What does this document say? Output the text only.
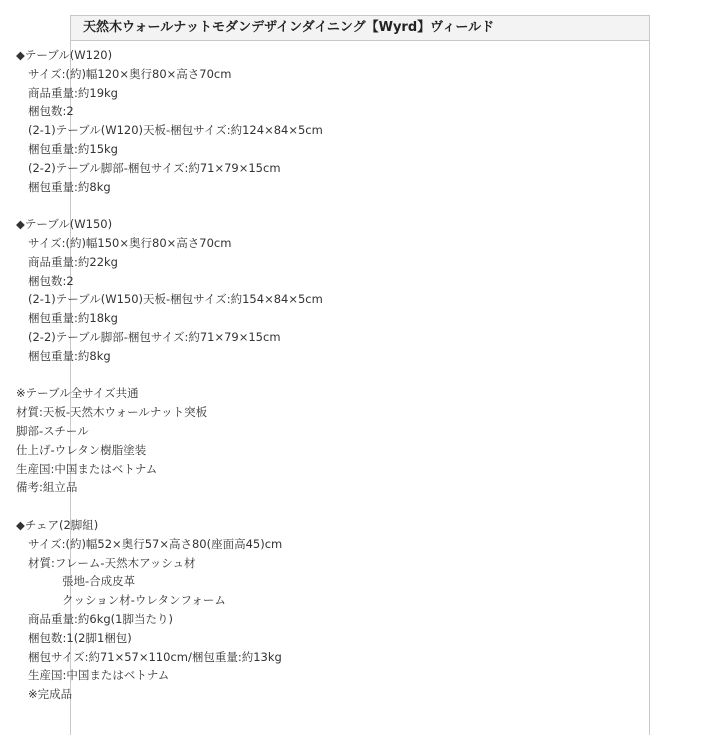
天然木ウォールナットモダンデザインダイニング【Wyrd】ヴィールド
◆テーブル(W120)
サイズ:(約)幅120×奥行80×高さ70cm
商品重量:約19kg
梱包数:2
(2-1)テーブル(W120)天板-梱包サイズ:約124×84×5cm
梱包重量:約15kg
(2-2)テーブル脚部-梱包サイズ:約71×79×15cm
梱包重量:約8kg
◆テーブル(W150)
サイズ:(約)幅150×奥行80×高さ70cm
商品重量:約22kg
梱包数:2
(2-1)テーブル(W150)天板-梱包サイズ:約154×84×5cm
梱包重量:約18kg
(2-2)テーブル脚部-梱包サイズ:約71×79×15cm
梱包重量:約8kg
※テーブル全サイズ共通
材質:天板-天然木ウォールナット突板
脚部-スチール
仕上げ-ウレタン樹脂塗装
生産国:中国またはベトナム
備考:組立品
◆チェア(2脚組)
サイズ:(約)幅52×奥行57×高さ80(座面高45)cm
材質:フレーム-天然木アッシュ材
張地-合成皮革
クッション材-ウレタンフォーム
商品重量:約6kg(1脚当たり)
梱包数:1(2脚1梱包)
梱包サイズ:約71×57×110cm/梱包重量:約13kg
生産国:中国またはベトナム
※完成品
